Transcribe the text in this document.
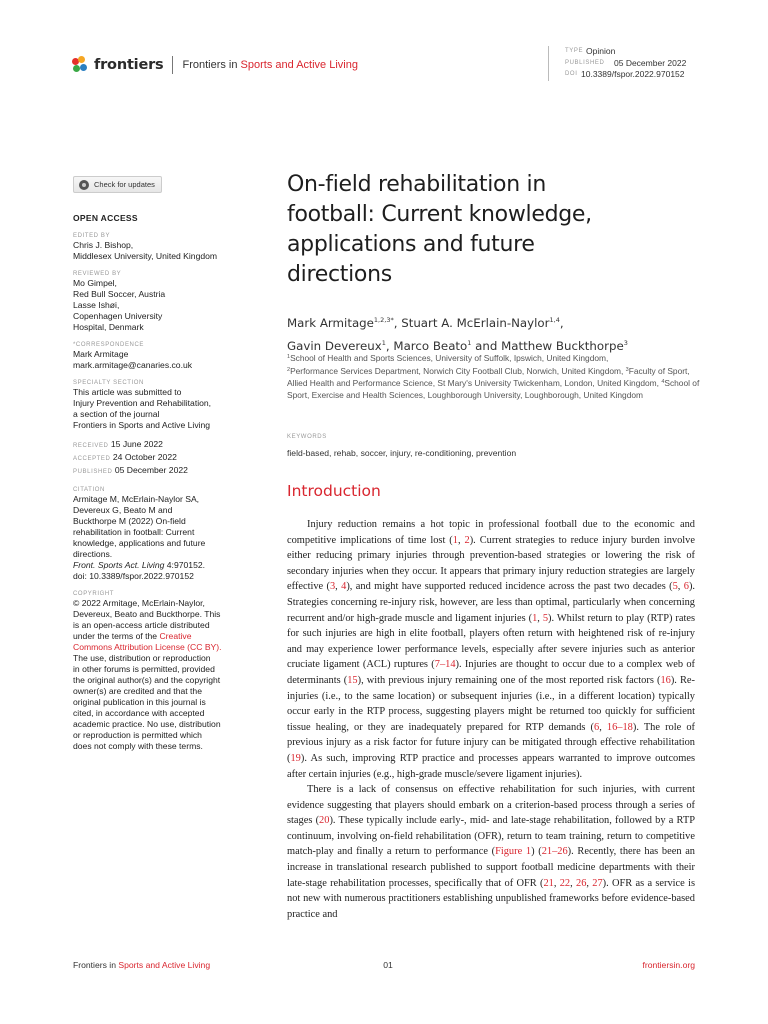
frontiers Frontiers in Sports and Active Living
TYPE Opinion
PUBLISHED	05 December 2022
DOI 10.3389/fspor.2022.970152
Check for updates
OPEN ACCESS
EDITED BY
Chris J. Bishop,
Middlesex University, United Kingdom
REVIEWED BY
Mo Gimpel,
Red Bull Soccer, Austria
Lasse Ishøi,
Copenhagen University
Hospital, Denmark
*CORRESPONDENCE
Mark Armitage
mark.armitage@canaries.co.uk
SPECIALTY SECTION
This article was submitted to
Injury Prevention and Rehabilitation,
a section of the journal
Frontiers in Sports and Active Living
RECEIVED 15 June 2022
ACCEPTED 24 October 2022
PUBLISHED 05 December 2022
CITATION
Armitage M, McErlain-Naylor SA,
Devereux G, Beato M and
Buckthorpe M (2022) On-field
rehabilitation in football: Current
knowledge, applications and future
directions.
Front. Sports Act. Living 4:970152.
doi: 10.3389/fspor.2022.970152
COPYRIGHT
© 2022 Armitage, McErlain-Naylor,
Devereux, Beato and Buckthorpe. This
is an open-access article distributed
under the terms of the Creative
Commons Attribution License (CC BY).
The use, distribution or reproduction
in other forums is permitted, provided
the original author(s) and the copyright
owner(s) are credited and that the
original publication in this journal is
cited, in accordance with accepted
academic practice. No use, distribution
or reproduction is permitted which
does not comply with these terms.
On-field rehabilitation in
football: Current knowledge,
applications and future
directions
Mark Armitage$^{1,2,3*}$, Stuart A. McErlain-Naylor$^{1,4}$,
Gavin Devereux$^1$, Marco Beato$^1$ and Matthew Buckthorpe$^3$
$^1$School of Health and Sports Sciences, University of Suffolk, Ipswich, United Kingdom,
$^2$Performance Services Department, Norwich City Football Club, Norwich, United Kingdom, $^3$Faculty of Sport, Allied Health and Performance Science, St Mary's University Twickenham, London, United Kingdom, $^4$School of Sport, Exercise and Health Sciences, Loughborough University, Loughborough, United Kingdom
KEYWORDS
field-based, rehab, soccer, injury, re-conditioning, prevention
Introduction

Injury reduction remains a hot topic in professional football due to the economic and competitive implications of time lost (1, 2). Current strategies to reduce injury burden involve either reducing primary injuries through prevention-based strategies or lowering the risk of secondary injuries when they occur. It appears that primary injury reduction strategies are largely effective (3, 4), and might have supported reduced incidence across the past two decades (5, 6). Strategies concerning re-injury risk, however, are less than optimal, particularly when concerning recurrent and/or high-grade muscle and ligament injuries (1, 5). Whilst return to play (RTP) rates for such injuries are high in elite football, players often return with heightened risk of re-injury and may experience lower performance levels, especially after severe injuries such as anterior cruciate ligament (ACL) ruptures (7–14). Injuries are thought to occur due to a complex web of determinants (15), with previous injury remaining one of the most reported risk factors (16). Re-injuries (i.e., to the same location) or subsequent injuries (i.e., in a different location) typically occur early in the RTP process, suggesting players might be returned too quickly for sufficient tissue healing, or they are inadequately prepared for RTP demands (6, 16–18). The role of previous injury as a risk factor for future injury can be mitigated through effective rehabilitation (19). As such, improving RTP practice and processes appears warranted to improve outcomes after certain injuries (e.g., high-grade muscle/severe ligament injuries).

There is a lack of consensus on effective rehabilitation for such injuries, with current evidence suggesting that players should embark on a criterion-based process through a series of stages (20). These typically include early-, mid- and late-stage rehabilitation, followed by a RTP continuum, involving on-field rehabilitation (OFR), return to team training, return to competitive match-play and finally a return to performance (Figure 1) (21–26). Recently, there has been an increase in translational research published to support football medicine departments with their late-stage rehabilitation processes, specifically that of OFR (21, 22, 26, 27). OFR as a service is not new with numerous practitioners establishing unpublished frameworks before evidence-based practice and

Frontiers in Sports and Active Living	01	frontiersin.org
